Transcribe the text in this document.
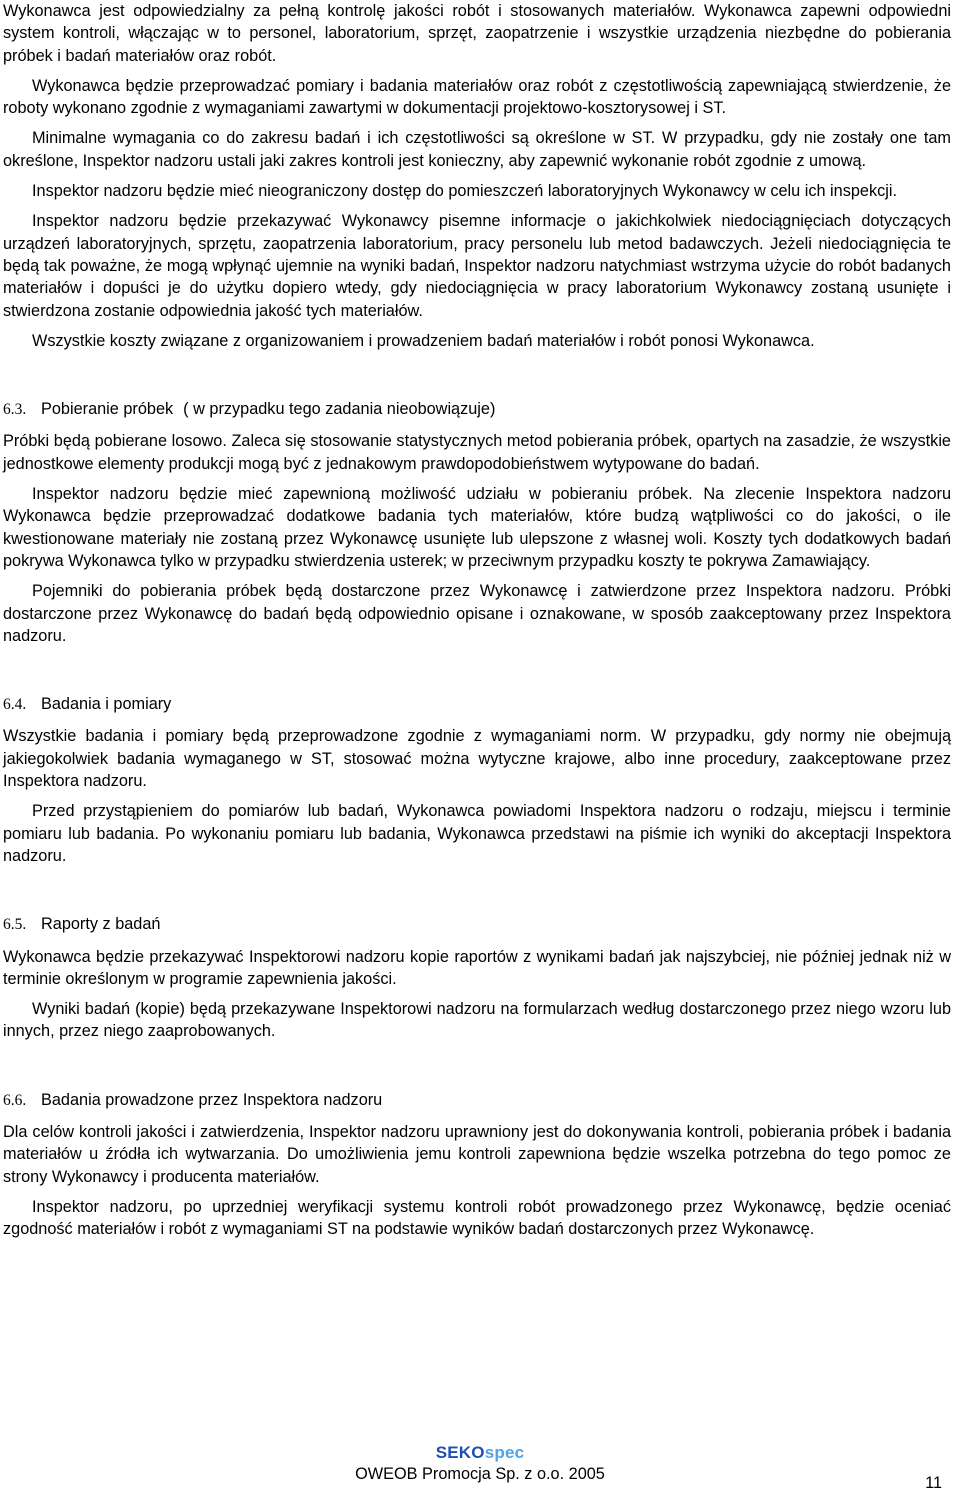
Wykonawca jest odpowiedzialny za pełną kontrolę jakości robót i stosowanych materiałów. Wykonawca zapewni odpowiedni system kontroli, włączając w to personel, laboratorium, sprzęt, zaopatrzenie i wszystkie urządzenia niezbędne do pobierania próbek i badań materiałów oraz robót.

Wykonawca będzie przeprowadzać pomiary i badania materiałów oraz robót z częstotliwością zapewniającą stwierdzenie, że roboty wykonano zgodnie z wymaganiami zawartymi w dokumentacji projektowo-kosztorysowej i ST.

Minimalne wymagania co do zakresu badań i ich częstotliwości są określone w ST. W przypadku, gdy nie zostały one tam określone, Inspektor nadzoru ustali jaki zakres kontroli jest konieczny, aby zapewnić wykonanie robót zgodnie z umową.

Inspektor nadzoru będzie mieć nieograniczony dostęp do pomieszczeń laboratoryjnych Wykonawcy w celu ich inspekcji.

Inspektor nadzoru będzie przekazywać Wykonawcy pisemne informacje o jakichkolwiek niedociągnięciach dotyczących urządzeń laboratoryjnych, sprzętu, zaopatrzenia laboratorium, pracy personelu lub metod badawczych. Jeżeli niedociągnięcia te będą tak poważne, że mogą wpłynąć ujemnie na wyniki badań, Inspektor nadzoru natychmiast wstrzyma użycie do robót badanych materiałów i dopuści je do użytku dopiero wtedy, gdy niedociągnięcia w pracy laboratorium Wykonawcy zostaną usunięte i stwierdzona zostanie odpowiednia jakość tych materiałów.

Wszystkie koszty związane z organizowaniem i prowadzeniem badań materiałów i robót ponosi Wykonawca.

6.3. Pobieranie próbek ( w przypadku tego zadania nieobowiązuje)

Próbki będą pobierane losowo. Zaleca się stosowanie statystycznych metod pobierania próbek, opartych na zasadzie, że wszystkie jednostkowe elementy produkcji mogą być z jednakowym prawdopodobieństwem wytypowane do badań.

Inspektor nadzoru będzie mieć zapewnioną możliwość udziału w pobieraniu próbek. Na zlecenie Inspektora nadzoru Wykonawca będzie przeprowadzać dodatkowe badania tych materiałów, które budzą wątpliwości co do jakości, o ile kwestionowane materiały nie zostaną przez Wykonawcę usunięte lub ulepszone z własnej woli. Koszty tych dodatkowych badań pokrywa Wykonawca tylko w przypadku stwierdzenia usterek; w przeciwnym przypadku koszty te pokrywa Zamawiający.

Pojemniki do pobierania próbek będą dostarczone przez Wykonawcę i zatwierdzone przez Inspektora nadzoru. Próbki dostarczone przez Wykonawcę do badań będą odpowiednio opisane i oznakowane, w sposób zaakceptowany przez Inspektora nadzoru.

6.4. Badania i pomiary

Wszystkie badania i pomiary będą przeprowadzone zgodnie z wymaganiami norm. W przypadku, gdy normy nie obejmują jakiegokolwiek badania wymaganego w ST, stosować można wytyczne krajowe, albo inne procedury, zaakceptowane przez Inspektora nadzoru.

Przed przystąpieniem do pomiarów lub badań, Wykonawca powiadomi Inspektora nadzoru o rodzaju, miejscu i terminie pomiaru lub badania. Po wykonaniu pomiaru lub badania, Wykonawca przedstawi na piśmie ich wyniki do akceptacji Inspektora nadzoru.

6.5. Raporty z badań

Wykonawca będzie przekazywać Inspektorowi nadzoru kopie raportów z wynikami badań jak najszybciej, nie później jednak niż w terminie określonym w programie zapewnienia jakości.

Wyniki badań (kopie) będą przekazywane Inspektorowi nadzoru na formularzach według dostarczonego przez niego wzoru lub innych, przez niego zaaprobowanych.

6.6. Badania prowadzone przez Inspektora nadzoru

Dla celów kontroli jakości i zatwierdzenia, Inspektor nadzoru uprawniony jest do dokonywania kontroli, pobierania próbek i badania materiałów u źródła ich wytwarzania. Do umożliwienia jemu kontroli zapewniona będzie wszelka potrzebna do tego pomoc ze strony Wykonawcy i producenta materiałów.

Inspektor nadzoru, po uprzedniej weryfikacji systemu kontroli robót prowadzonego przez Wykonawcę, będzie oceniać zgodność materiałów i robót z wymaganiami ST na podstawie wyników badań dostarczonych przez Wykonawcę.

SEKOspec
OWEOB Promocja Sp. z o.o. 2005	11
